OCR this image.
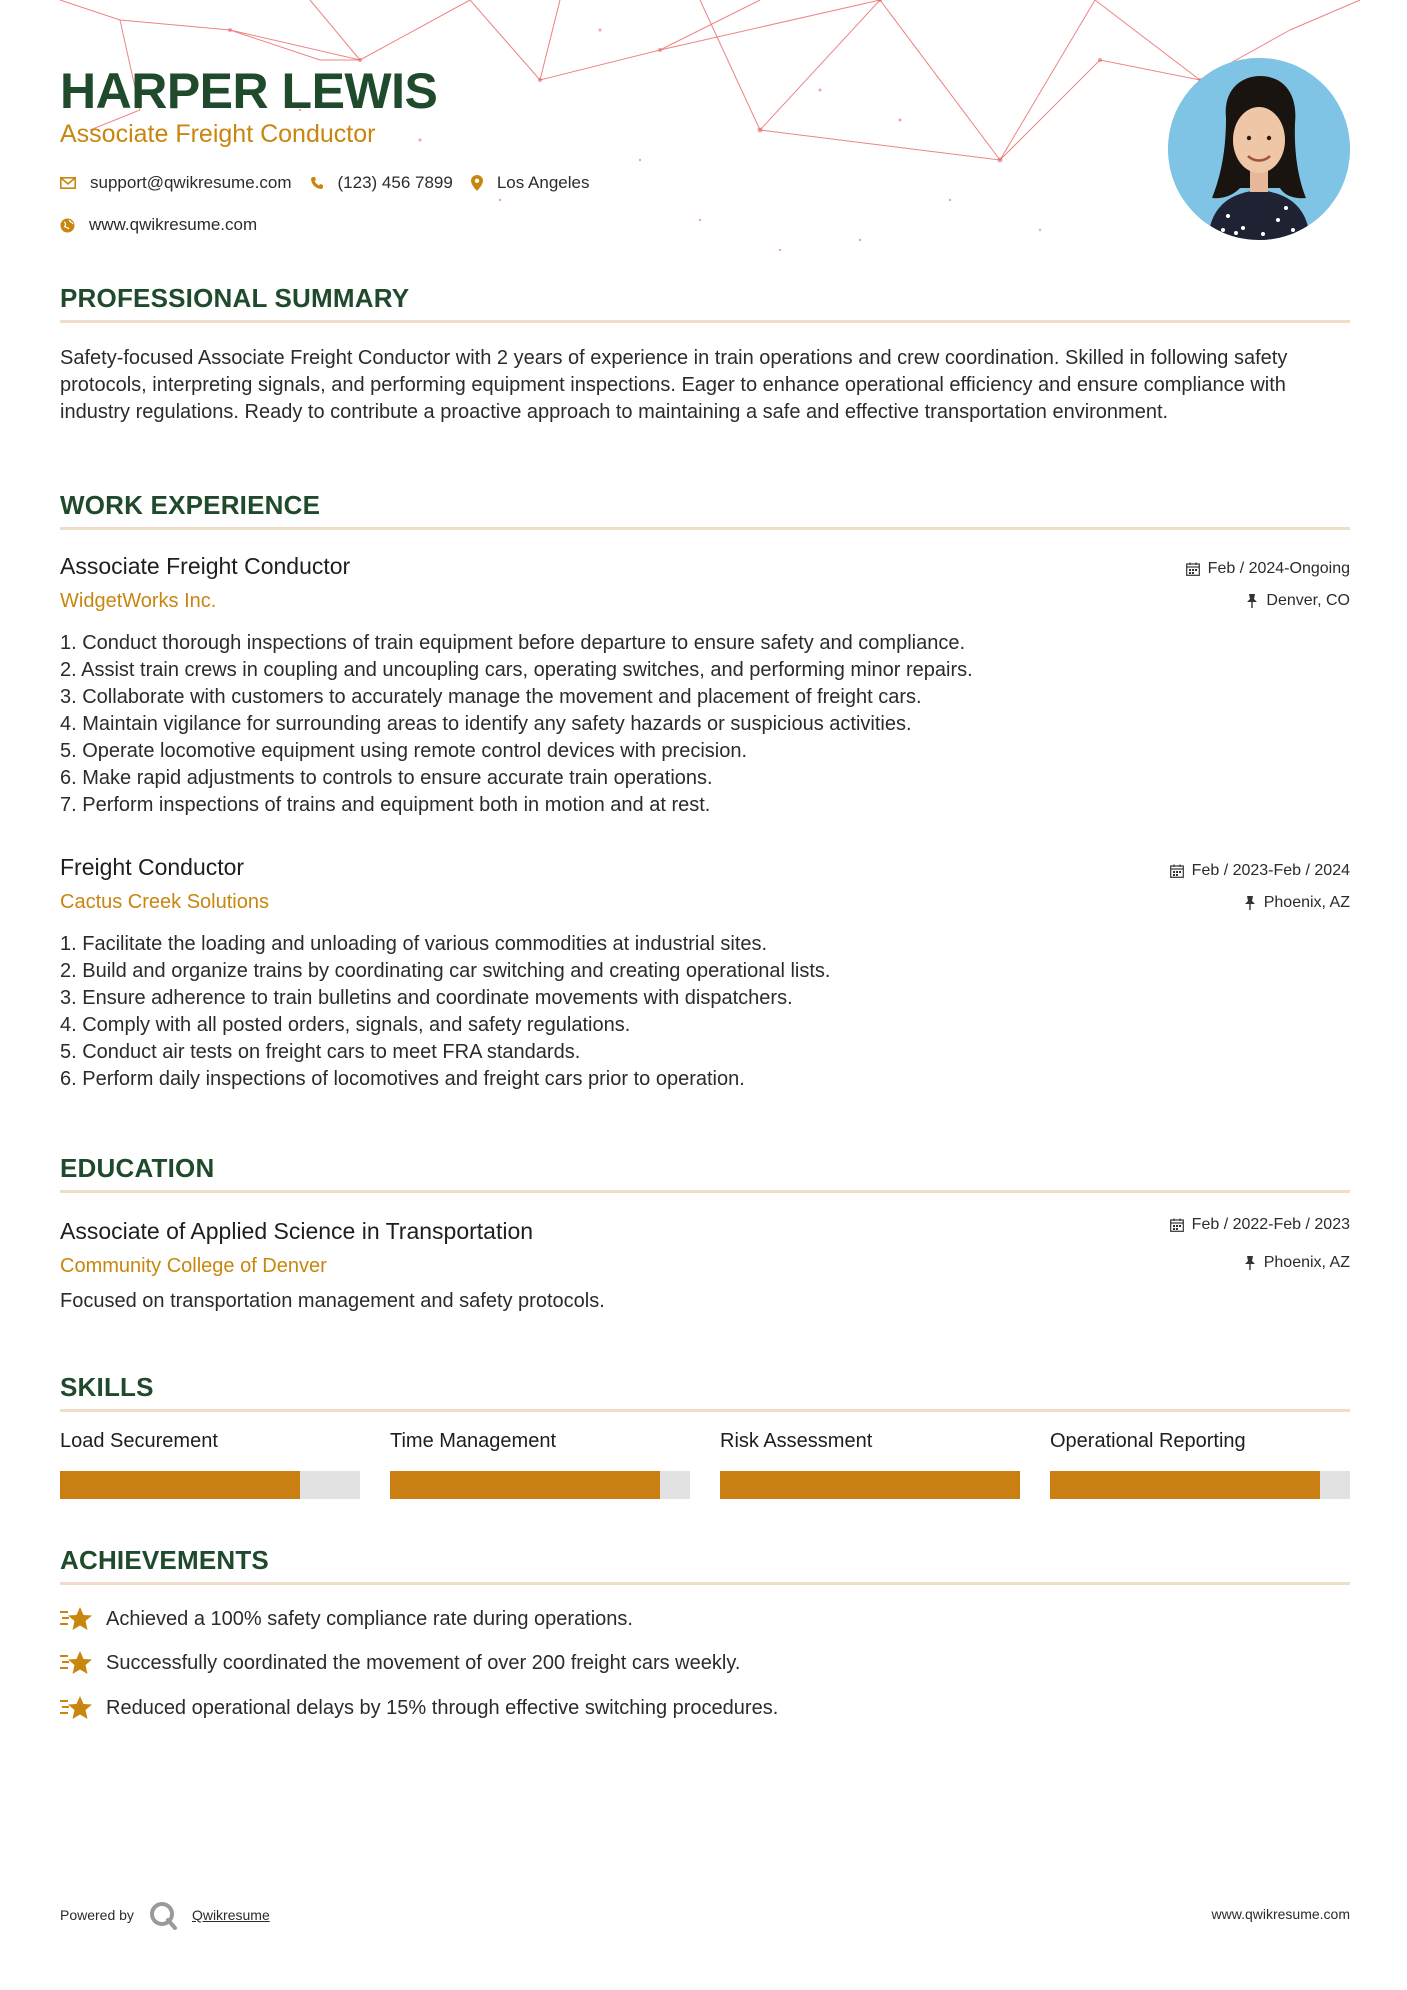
HARPER LEWIS
Associate Freight Conductor
support@qwikresume.com	(123) 456 7899	Los Angeles
www.qwikresume.com
PROFESSIONAL SUMMARY
Safety-focused Associate Freight Conductor with 2 years of experience in train operations and crew coordination. Skilled in following safety protocols, interpreting signals, and performing equipment inspections. Eager to enhance operational efficiency and ensure compliance with industry regulations. Ready to contribute a proactive approach to maintaining a safe and effective transportation environment.
WORK EXPERIENCE
Associate Freight Conductor
WidgetWorks Inc.
Feb / 2024-Ongoing
Denver, CO
1. Conduct thorough inspections of train equipment before departure to ensure safety and compliance.
2. Assist train crews in coupling and uncoupling cars, operating switches, and performing minor repairs.
3. Collaborate with customers to accurately manage the movement and placement of freight cars.
4. Maintain vigilance for surrounding areas to identify any safety hazards or suspicious activities.
5. Operate locomotive equipment using remote control devices with precision.
6. Make rapid adjustments to controls to ensure accurate train operations.
7. Perform inspections of trains and equipment both in motion and at rest.
Freight Conductor
Cactus Creek Solutions
Feb / 2023-Feb / 2024
Phoenix, AZ
1. Facilitate the loading and unloading of various commodities at industrial sites.
2. Build and organize trains by coordinating car switching and creating operational lists.
3. Ensure adherence to train bulletins and coordinate movements with dispatchers.
4. Comply with all posted orders, signals, and safety regulations.
5. Conduct air tests on freight cars to meet FRA standards.
6. Perform daily inspections of locomotives and freight cars prior to operation.
EDUCATION
Associate of Applied Science in Transportation
Community College of Denver
Feb / 2022-Feb / 2023
Phoenix, AZ
Focused on transportation management and safety protocols.
SKILLS
Load Securement	Time Management	Risk Assessment	Operational Reporting
ACHIEVEMENTS
Achieved a 100% safety compliance rate during operations.
Successfully coordinated the movement of over 200 freight cars weekly.
Reduced operational delays by 15% through effective switching procedures.
Powered by	Qwikresume	www.qwikresume.com
